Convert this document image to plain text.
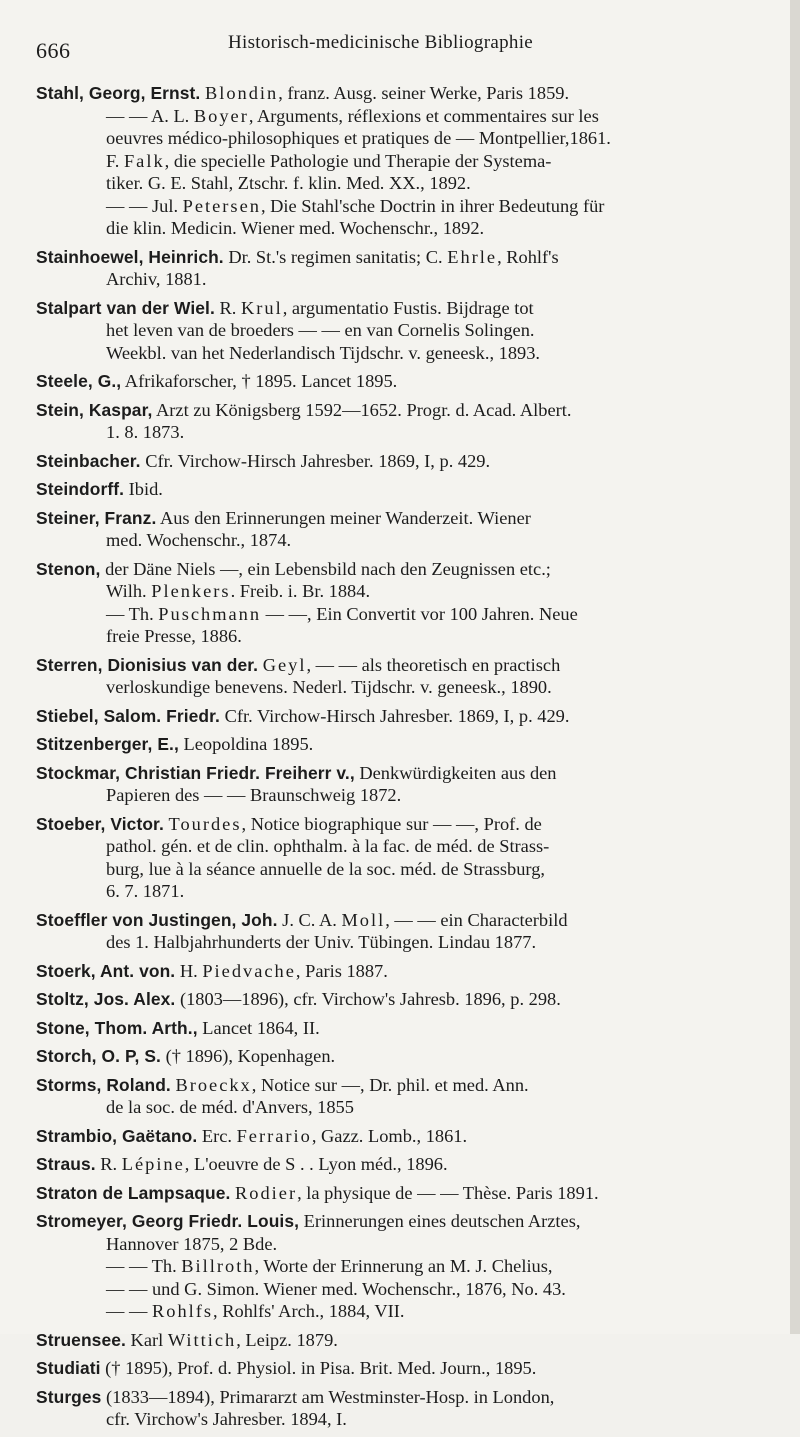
666	Historisch-medicinische Bibliographie
Stahl, Georg, Ernst. Blondin, franz. Ausg. seiner Werke, Paris 1859.
— — A. L. Boyer, Arguments, réflexions et commentaires sur les
oeuvres médico-philosophiques et pratiques de — Montpellier,1861.
F. Falk, die specielle Pathologie und Therapie der Systema-
tiker. G. E. Stahl, Ztschr. f. klin. Med. XX., 1892.
— — Jul. Petersen, Die Stahl'sche Doctrin in ihrer Bedeutung für
die klin. Medicin. Wiener med. Wochenschr., 1892.
Stainhoewel, Heinrich. Dr. St.'s regimen sanitatis; C. Ehrle, Rohlf's
Archiv, 1881.
Stalpart van der Wiel. R. Krul, argumentatio Fustis. Bijdrage tot
het leven van de broeders — — en van Cornelis Solingen.
Weekbl. van het Nederlandisch Tijdschr. v. geneesk., 1893.
Steele, G., Afrikaforscher, † 1895. Lancet 1895.
Stein, Kaspar, Arzt zu Königsberg 1592—1652. Progr. d. Acad. Albert.
1. 8. 1873.
Steinbacher. Cfr. Virchow-Hirsch Jahresber. 1869, I, p. 429.
Steindorff. Ibid.
Steiner, Franz. Aus den Erinnerungen meiner Wanderzeit. Wiener
med. Wochenschr., 1874.
Stenon, der Däne Niels —, ein Lebensbild nach den Zeugnissen etc.;
Wilh. Plenkers. Freib. i. Br. 1884.
— Th. Puschmann — —, Ein Convertit vor 100 Jahren. Neue
freie Presse, 1886.
Sterren, Dionisius van der. Geyl, — — als theoretisch en practisch
verloskundige benevens. Nederl. Tijdschr. v. geneesk., 1890.
Stiebel, Salom. Friedr. Cfr. Virchow-Hirsch Jahresber. 1869, I, p. 429.
Stitzenberger, E., Leopoldina 1895.
Stockmar, Christian Friedr. Freiherr v., Denkwürdigkeiten aus den
Papieren des — — Braunschweig 1872.
Stoeber, Victor. Tourdes, Notice biographique sur — —, Prof. de
pathol. gén. et de clin. ophthalm. à la fac. de méd. de Strass-
burg, lue à la séance annuelle de la soc. méd. de Strassburg,
6. 7. 1871.
Stoeffler von Justingen, Joh. J. C. A. Moll, — — ein Characterbild
des 1. Halbjahrhunderts der Univ. Tübingen. Lindau 1877.
Stoerk, Ant. von. H. Piedvache, Paris 1887.
Stoltz, Jos. Alex. (1803—1896), cfr. Virchow's Jahresb. 1896, p. 298.
Stone, Thom. Arth., Lancet 1864, II.
Storch, O. P, S. († 1896), Kopenhagen.
Storms, Roland. Broeckx, Notice sur —, Dr. phil. et med. Ann.
de la soc. de méd. d'Anvers, 1855
Strambio, Gaëtano. Erc. Ferrario, Gazz. Lomb., 1861.
Straus. R. Lépine, L'oeuvre de S . . Lyon méd., 1896.
Straton de Lampsaque. Rodier, la physique de — — Thèse. Paris 1891.
Stromeyer, Georg Friedr. Louis, Erinnerungen eines deutschen Arztes,
Hannover 1875, 2 Bde.
— — Th. Billroth, Worte der Erinnerung an M. J. Chelius,
— — und G. Simon. Wiener med. Wochenschr., 1876, No. 43.
— — Rohlfs, Rohlfs' Arch., 1884, VII.
Struensee. Karl Wittich, Leipz. 1879.
Studiati († 1895), Prof. d. Physiol. in Pisa. Brit. Med. Journ., 1895.
Sturges (1833—1894), Primararzt am Westminster-Hosp. in London,
cfr. Virchow's Jahresber. 1894, I.
